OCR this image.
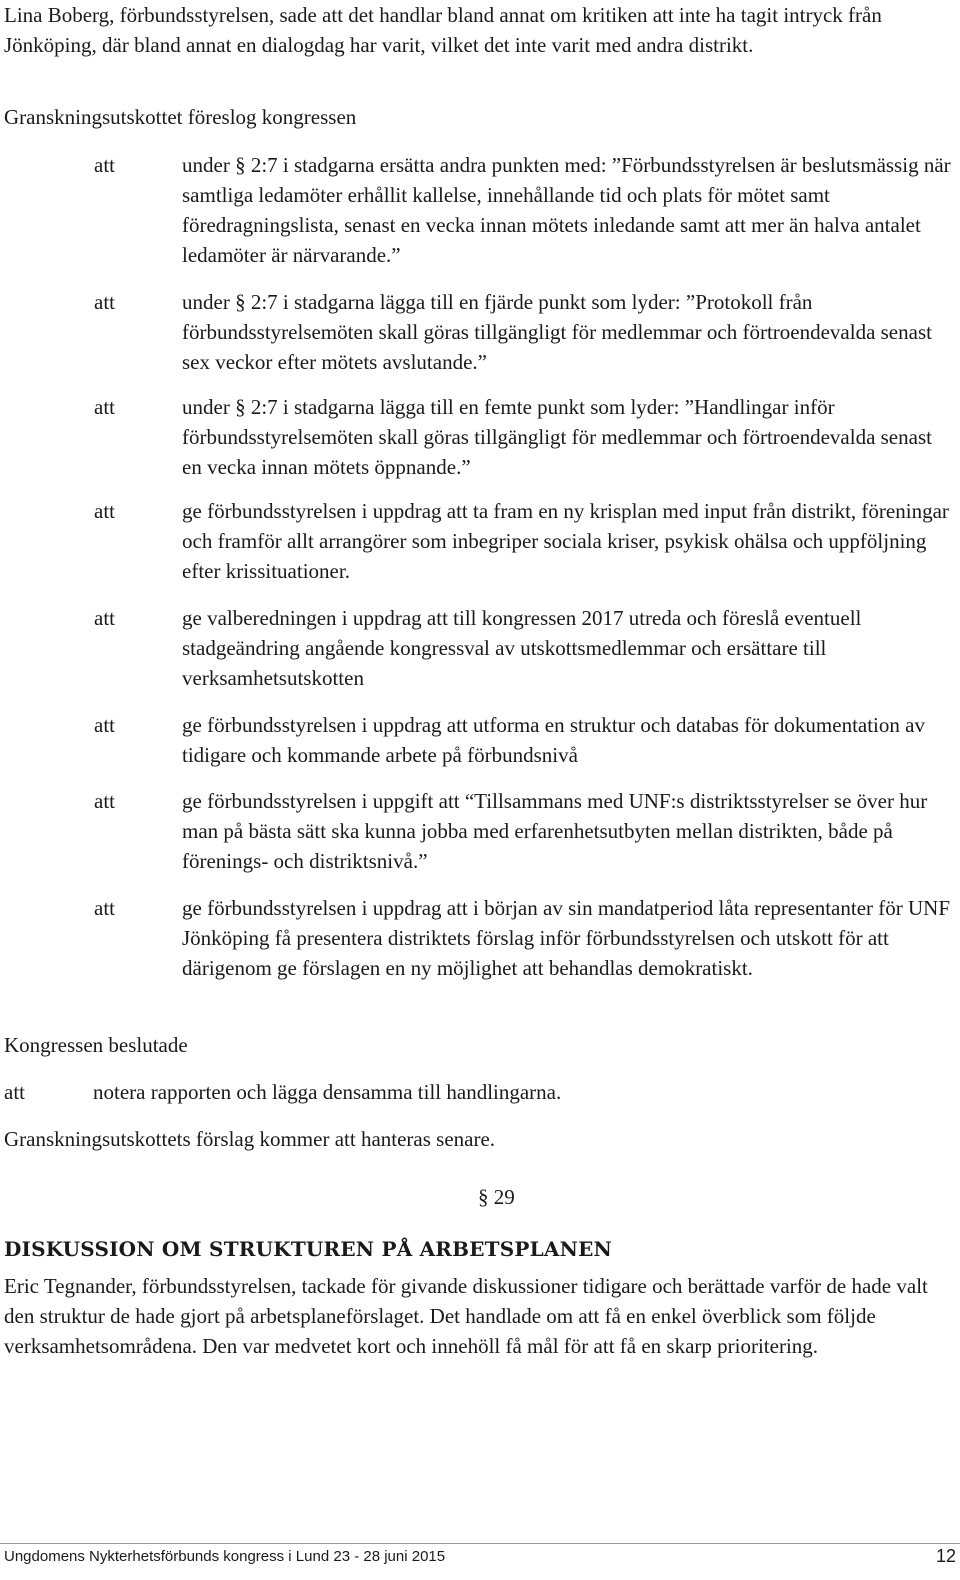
Lina Boberg, förbundsstyrelsen, sade att det handlar bland annat om kritiken att inte ha tagit intryck från Jönköping, där bland annat en dialogdag har varit, vilket det inte varit med andra distrikt.

Granskningsutskottet föreslog kongressen
att	under § 2:7 i stadgarna ersätta andra punkten med: ”Förbundsstyrelsen är beslutsmässig när samtliga ledamöter erhållit kallelse, innehållande tid och plats för mötet samt föredragningslista, senast en vecka innan mötets inledande samt att mer än halva antalet ledamöter är närvarande.”
att	under § 2:7 i stadgarna lägga till en fjärde punkt som lyder: ”Protokoll från förbundsstyrelsemöten skall göras tillgängligt för medlemmar och förtroendevalda senast sex veckor efter mötets avslutande.”
att	under § 2:7 i stadgarna lägga till en femte punkt som lyder: ”Handlingar inför förbundsstyrelsemöten skall göras tillgängligt för medlemmar och förtroendevalda senast en vecka innan mötets öppnande.”
att	ge förbundsstyrelsen i uppdrag att ta fram en ny krisplan med input från distrikt, föreningar och framför allt arrangörer som inbegriper sociala kriser, psykisk ohälsa och uppföljning efter krissituationer.
att	ge valberedningen i uppdrag att till kongressen 2017 utreda och föreslå eventuell stadgeändring angående kongressval av utskottsmedlemmar och ersättare till verksamhetsutskotten
att	ge förbundsstyrelsen i uppdrag att utforma en struktur och databas för dokumentation av tidigare och kommande arbete på förbundsnivå
att	ge förbundsstyrelsen i uppgift att “Tillsammans med UNF:s distriktsstyrelser se över hur man på bästa sätt ska kunna jobba med erfarenhetsutbyten mellan distrikten, både på förenings- och distriktsnivå.”
att	ge förbundsstyrelsen i uppdrag att i början av sin mandatperiod låta representanter för UNF Jönköping få presentera distriktets förslag inför förbundsstyrelsen och utskott för att därigenom ge förslagen en ny möjlighet att behandlas demokratiskt.
Kongressen beslutade
att	notera rapporten och lägga densamma till handlingarna.
Granskningsutskottets förslag kommer att hanteras senare.
§ 29
DISKUSSION OM STRUKTUREN PÅ ARBETSPLANEN

Eric Tegnander, förbundsstyrelsen, tackade för givande diskussioner tidigare och berättade varför de hade valt den struktur de hade gjort på arbetsplaneförslaget. Det handlade om att få en enkel överblick som följde verksamhetsområdena. Den var medvetet kort och innehöll få mål för att få en skarp prioritering.

Ungdomens Nykterhetsförbunds kongress i Lund 23 - 28 juni 2015	12
